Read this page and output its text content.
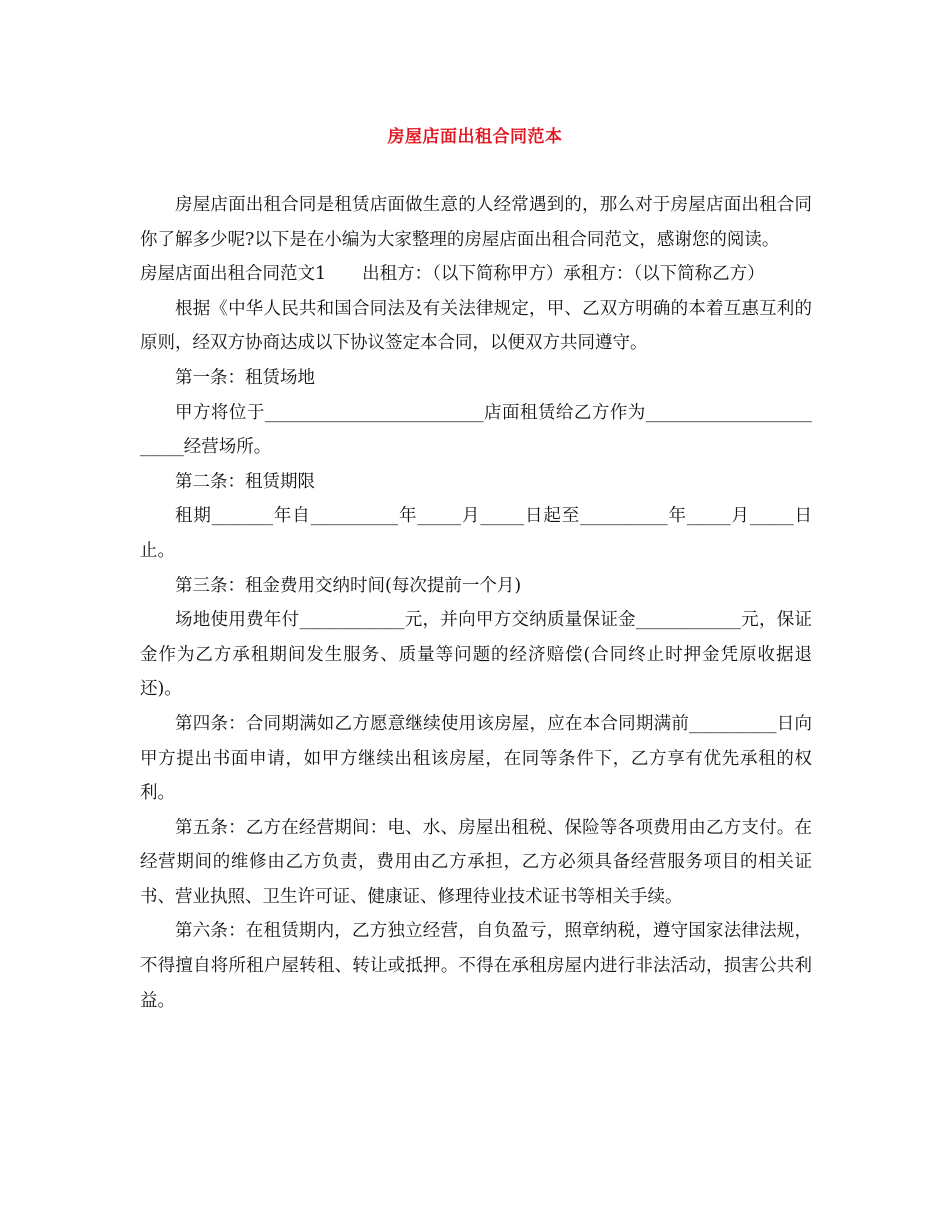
房屋店面出租合同范本

房屋店面出租合同是租赁店面做生意的人经常遇到的，那么对于房屋店面出租合同你了解多少呢?以下是在小编为大家整理的房屋店面出租合同范文，感谢您的阅读。

房屋店面出租合同范文1 出租方：（以下简称甲方）承租方：（以下简称乙方）

根据《中华人民共和国合同法及有关法律规定，甲、乙双方明确的本着互惠互利的原则，经双方协商达成以下协议签定本合同，以便双方共同遵守。

第一条：租赁场地

甲方将位于_________________________店面租赁给乙方作为________________________经营场所。

第二条：租赁期限

租期_______年自__________年_____月_____日起至__________年_____月_____日止。

第三条：租金费用交纳时间(每次提前一个月)

场地使用费年付____________元，并向甲方交纳质量保证金____________元，保证金作为乙方承租期间发生服务、质量等问题的经济赔偿(合同终止时押金凭原收据退还)。

第四条：合同期满如乙方愿意继续使用该房屋，应在本合同期满前__________日向甲方提出书面申请，如甲方继续出租该房屋，在同等条件下，乙方享有优先承租的权利。

第五条：乙方在经营期间：电、水、房屋出租税、保险等各项费用由乙方支付。在经营期间的维修由乙方负责，费用由乙方承担，乙方必须具备经营服务项目的相关证书、营业执照、卫生许可证、健康证、修理待业技术证书等相关手续。

第六条：在租赁期内，乙方独立经营，自负盈亏，照章纳税，遵守国家法律法规，不得擅自将所租户屋转租、转让或抵押。不得在承租房屋内进行非法活动，损害公共利益。
